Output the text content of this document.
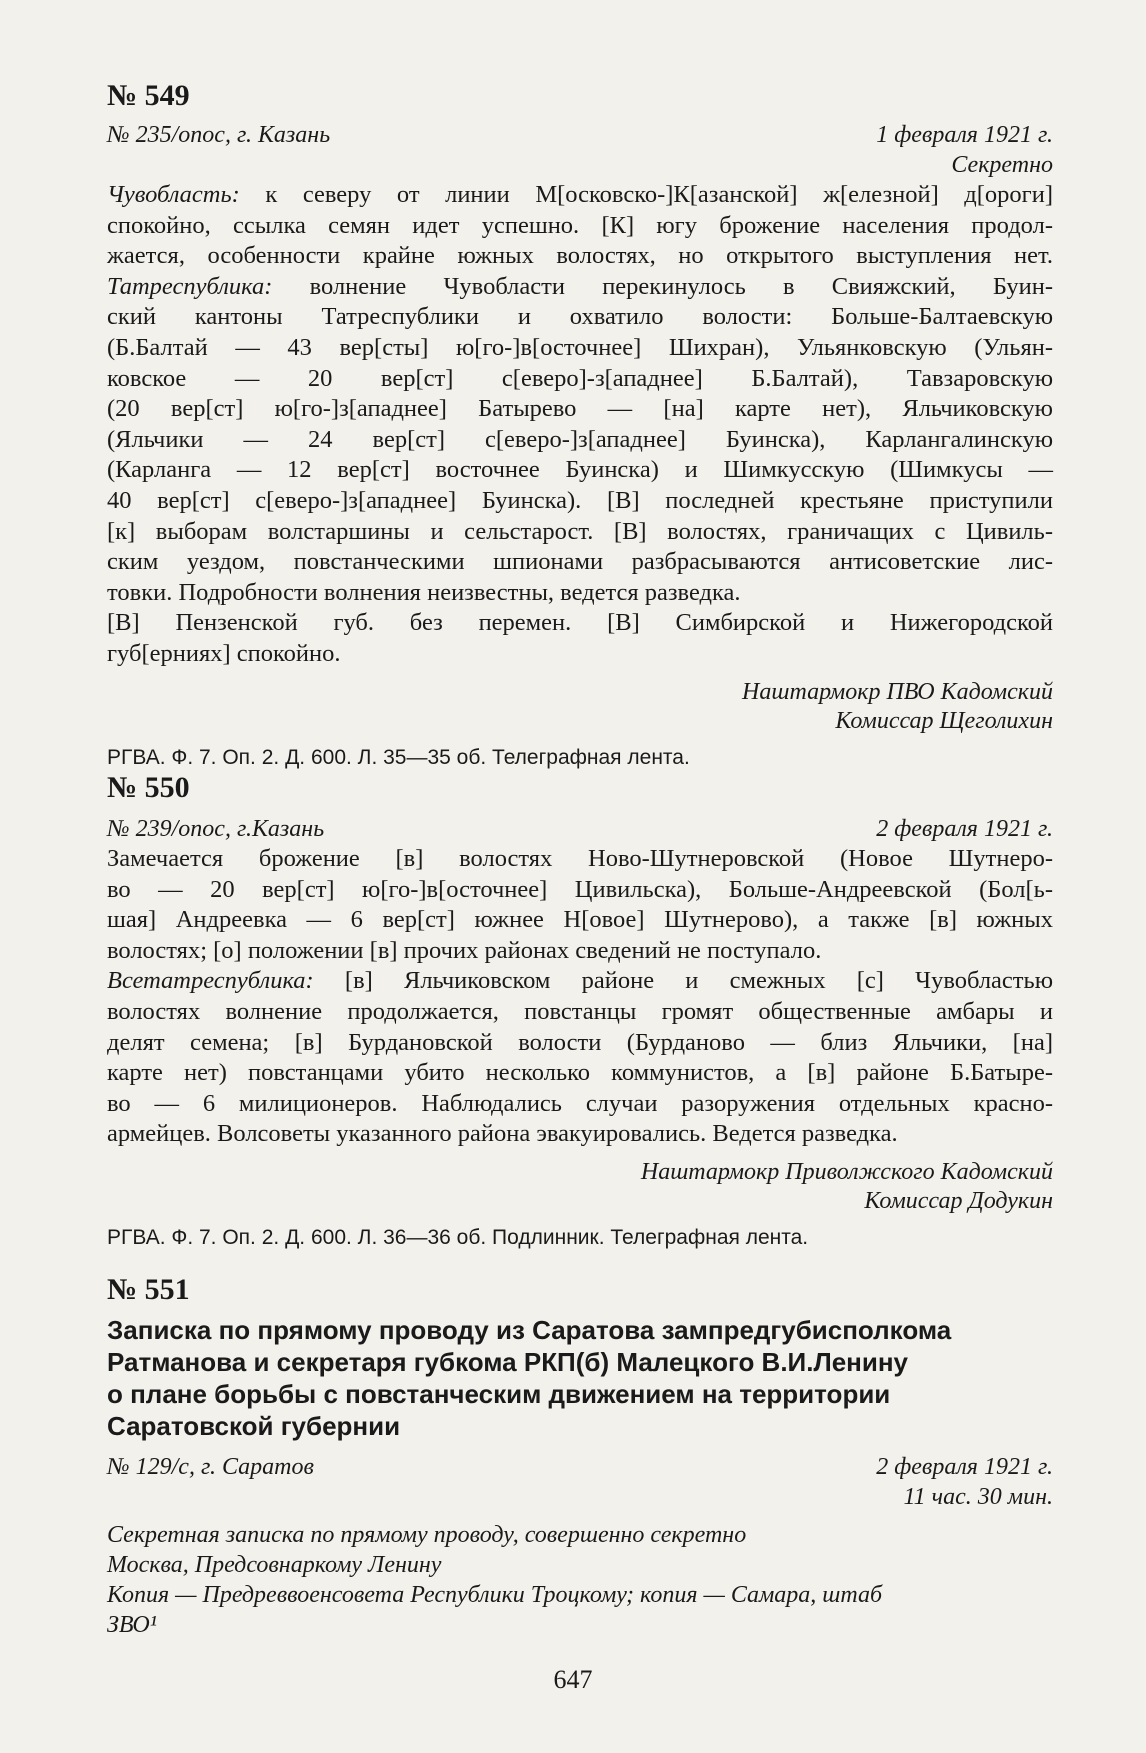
№ 549
№ 235/опос, г. Казань	1 февраля 1921 г.
Секретно
Чувобласть: к северу от линии М[осковско-]К[азанской] ж[елезной] д[ороги]
спокойно, ссылка семян идет успешно. [К] югу брожение населения продол-
жается, особенности крайне южных волостях, но открытого выступления нет.
Татреспублика: волнение Чувобласти перекинулось в Свияжский, Буин-
ский кантоны Татреспублики и охватило волости: Больше-Балтаевскую
(Б.Балтай — 43 вер[сты] ю[го-]в[осточнее] Шихран), Ульянковскую (Ульян-
ковское — 20 вер[ст] с[еверо]-з[ападнее] Б.Балтай), Тавзаровскую
(20 вер[ст] ю[го-]з[ападнее] Батырево — [на] карте нет), Яльчиковскую
(Яльчики — 24 вер[ст] с[еверо-]з[ападнее] Буинска), Карлангалинскую
(Карланга — 12 вер[ст] восточнее Буинска) и Шимкусскую (Шимкусы —
40 вер[ст] с[еверо-]з[ападнее] Буинска). [В] последней крестьяне приступили
[к] выборам волстаршины и сельстарост. [В] волостях, граничащих с Цивиль-
ским уездом, повстанческими шпионами разбрасываются антисоветские лис-
товки. Подробности волнения неизвестны, ведется разведка.
[В] Пензенской губ. без перемен. [В] Симбирской и Нижегородской
губ[ерниях] спокойно.
Наштармокр ПВО Кадомский
Комиссар Щеголихин
РГВА. Ф. 7. Оп. 2. Д. 600. Л. 35—35 об. Телеграфная лента.
№ 550
№ 239/опос, г.Казань	2 февраля 1921 г.
Замечается брожение [в] волостях Ново-Шутнеровской (Новое Шутнеро-
во — 20 вер[ст] ю[го-]в[осточнее] Цивильска), Больше-Андреевской (Бол[ь-
шая] Андреевка — 6 вер[ст] южнее Н[овое] Шутнерово), а также [в] южных
волостях; [о] положении [в] прочих районах сведений не поступало.
Всетатреспублика: [в] Яльчиковском районе и смежных [с] Чувобластью
волостях волнение продолжается, повстанцы громят общественные амбары и
делят семена; [в] Бурдановской волости (Бурданово — близ Яльчики, [на]
карте нет) повстанцами убито несколько коммунистов, а [в] районе Б.Батыре-
во — 6 милиционеров. Наблюдались случаи разоружения отдельных красно-
армейцев. Волсоветы указанного района эвакуировались. Ведется разведка.
Наштармокр Приволжского Кадомский
Комиссар Додукин
РГВА. Ф. 7. Оп. 2. Д. 600. Л. 36—36 об. Подлинник. Телеграфная лента.
№ 551
Записка по прямому проводу из Саратова зампредгубисполкома
Ратманова и секретаря губкома РКП(б) Малецкого В.И.Ленину
о плане борьбы с повстанческим движением на территории
Саратовской губернии
№ 129/с, г. Саратов	2 февраля 1921 г.
11 час. 30 мин.
Секретная записка по прямому проводу, совершенно секретно
Москва, Предсовнаркому Ленину
Копия — Предреввоенсовета Республики Троцкому; копия — Самара, штаб
ЗВО¹
647
